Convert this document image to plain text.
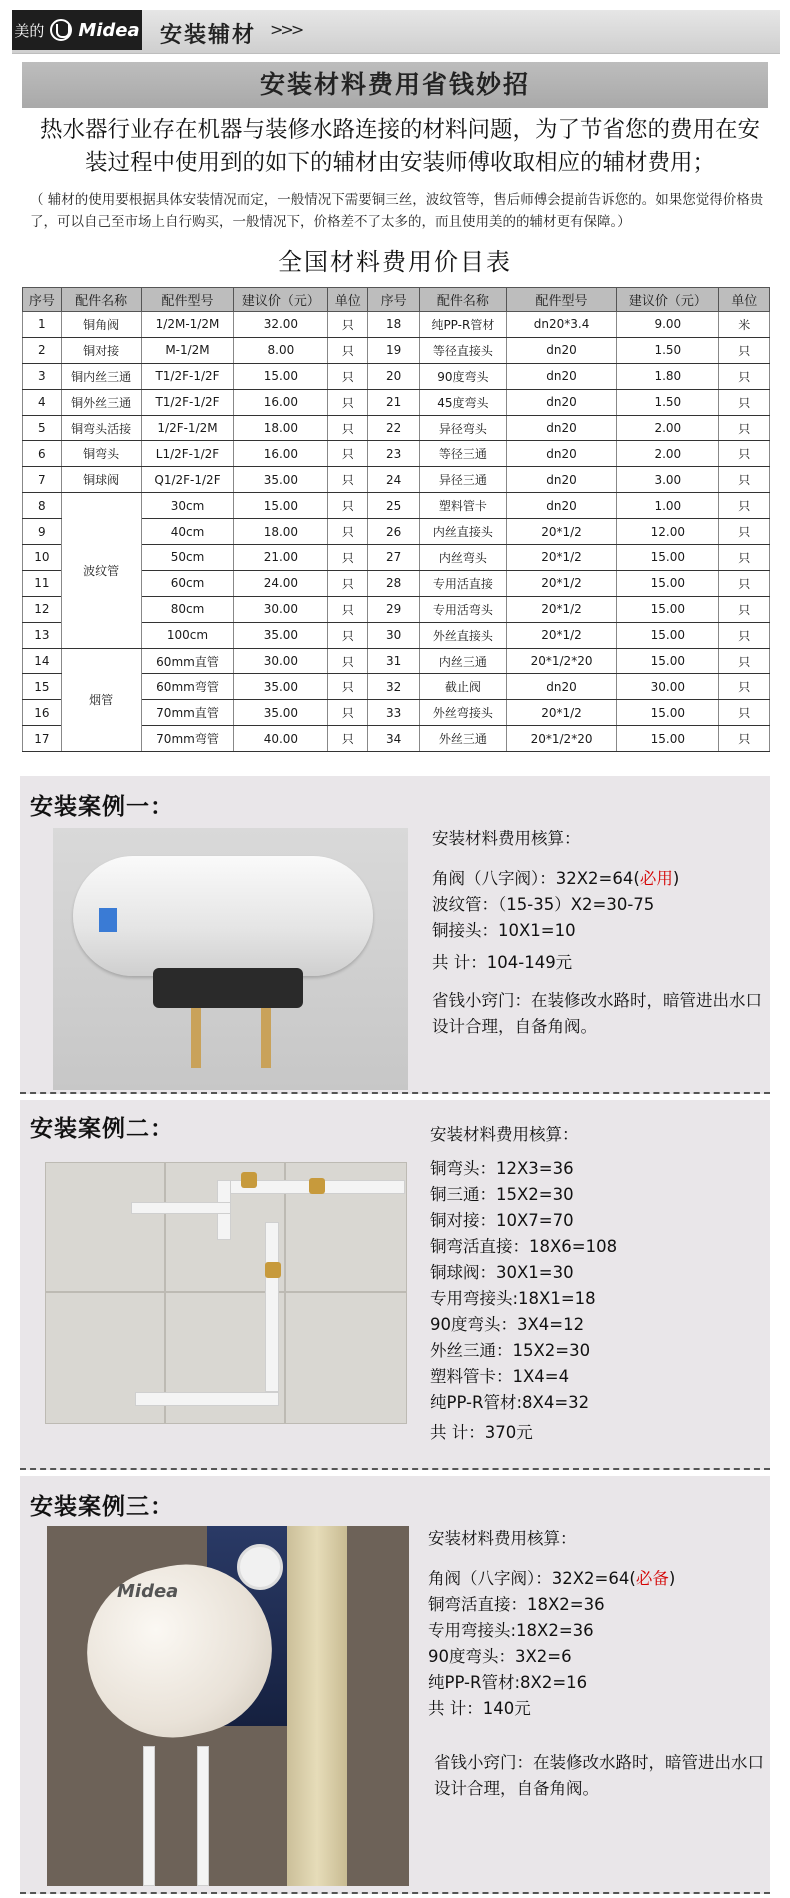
美的 Midea 安装辅材 >>>
安装材料费用省钱妙招
热水器行业存在机器与装修水路连接的材料问题，为了节省您的费用在安装过程中使用到的如下的辅材由安装师傅收取相应的辅材费用；
（ 辅材的使用要根据具体安装情况而定，一般情况下需要铜三丝，波纹管等，售后师傅会提前告诉您的。如果您觉得价格贵了，可以自己至市场上自行购买，一般情况下，价格差不了太多的，而且使用美的的辅材更有保障。）
全国材料费用价目表
序号	配件名称	配件型号	建议价（元）	单位	序号	配件名称	配件型号	建议价（元）	单位
1	铜角阀	1/2M-1/2M	32.00	只	18	纯PP-R管材	dn20*3.4	9.00	米
2	铜对接	M-1/2M	8.00	只	19	等径直接头	dn20	1.50	只
3	铜内丝三通	T1/2F-1/2F	15.00	只	20	90度弯头	dn20	1.80	只
4	铜外丝三通	T1/2F-1/2F	16.00	只	21	45度弯头	dn20	1.50	只
5	铜弯头活接	1/2F-1/2M	18.00	只	22	异径弯头	dn20	2.00	只
6	铜弯头	L1/2F-1/2F	16.00	只	23	等径三通	dn20	2.00	只
7	铜球阀	Q1/2F-1/2F	35.00	只	24	异径三通	dn20	3.00	只
8	波纹管	30cm	15.00	只	25	塑料管卡	dn20	1.00	只
9		40cm	18.00	只	26	内丝直接头	20*1/2	12.00	只
10		50cm	21.00	只	27	内丝弯头	20*1/2	15.00	只
11		60cm	24.00	只	28	专用活直接	20*1/2	15.00	只
12		80cm	30.00	只	29	专用活弯头	20*1/2	15.00	只
13		100cm	35.00	只	30	外丝直接头	20*1/2	15.00	只
14	烟管	60mm直管	30.00	只	31	内丝三通	20*1/2*20	15.00	只
15		60mm弯管	35.00	只	32	截止阀	dn20	30.00	只
16		70mm直管	35.00	只	33	外丝弯接头	20*1/2	15.00	只
17		70mm弯管	40.00	只	34	外丝三通	20*1/2*20	15.00	只
安装案例一：
安装材料费用核算：
角阀（八字阀）：32X2=64(必用)
波纹管：（15-35）X2=30-75
铜接头：10X1=10
共 计：104-149元
省钱小窍门：在装修改水路时，暗管进出水口设计合理，自备角阀。
安装案例二：	安装材料费用核算：
铜弯头：12X3=36
铜三通：15X2=30
铜对接：10X7=70
铜弯活直接：18X6=108
铜球阀：30X1=30
专用弯接头:18X1=18
90度弯头：3X4=12
外丝三通：15X2=30
塑料管卡：1X4=4
纯PP-R管材:8X4=32
共 计：370元
安装案例三：
Midea
安装材料费用核算：
角阀（八字阀）：32X2=64(必备)
铜弯活直接：18X2=36
专用弯接头:18X2=36
90度弯头：3X2=6
纯PP-R管材:8X2=16
共 计：140元
省钱小窍门：在装修改水路时，暗管进出水口设计合理，自备角阀。
